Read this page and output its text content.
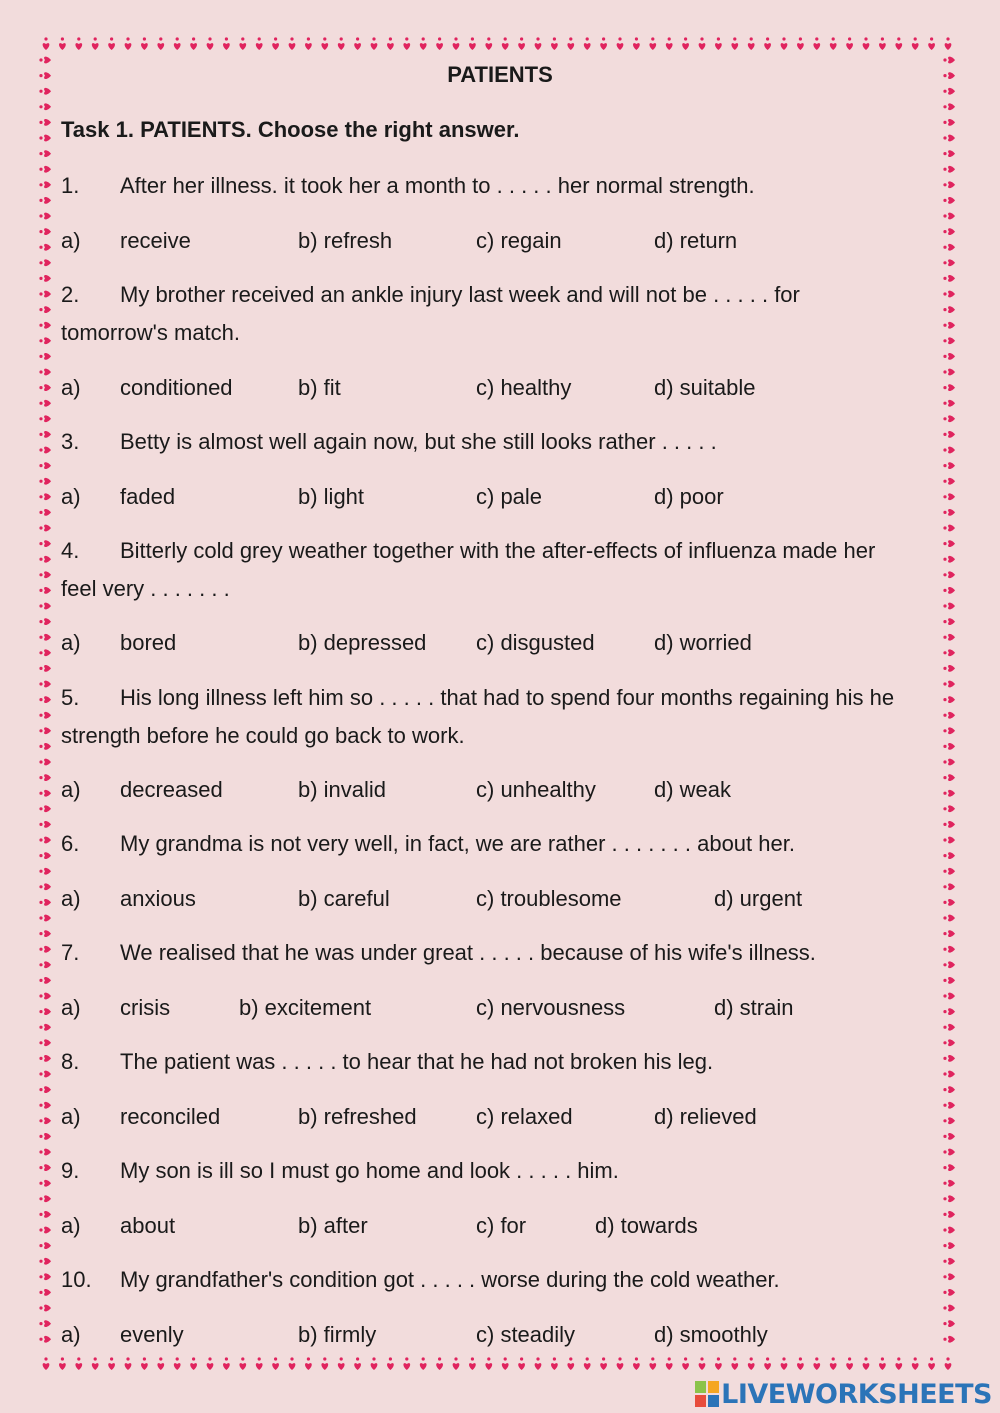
PATIENTS
Task 1. PATIENTS. Choose the right answer.
1. After her illness. it took her a month to . . . . . her normal strength.
a) receive	b) refresh	c) regain	d) return
2. My brother received an ankle injury last week and will not be . . . . . for tomorrow's match.
a) conditioned	b) fit	c) healthy	d) suitable
3. Betty is almost well again now, but she still looks rather . . . . .
a) faded	b) light	c) pale	d) poor
4. Bitterly cold grey weather together with the after-effects of influenza made her feel very . . . . . . .
a) bored	b) depressed c) disgusted	d) worried
5. His long illness left him so . . . . . that had to spend four months regaining his he strength before he could go back to work.
a) decreased	b) invalid	c) unhealthy	d) weak
6. My grandma is not very well, in fact, we are rather . . . . . . . about her.
a) anxious	b) careful	c) troublesome	d) urgent
7. We realised that he was under great . . . . . because of his wife's illness.
a) crisis	b) excitement	c) nervousness	d) strain
8. The patient was . . . . . to hear that he had not broken his leg.
a) reconciled	b) refreshed	c) relaxed	d) relieved
9. My son is ill so I must go home and look . . . . . him.
a) about	b) after	c) for	d) towards
10. My grandfather's condition got . . . . . worse during the cold weather.
a) evenly	b) firmly	c) steadily	d) smoothly
LIVEWORKSHEETS
